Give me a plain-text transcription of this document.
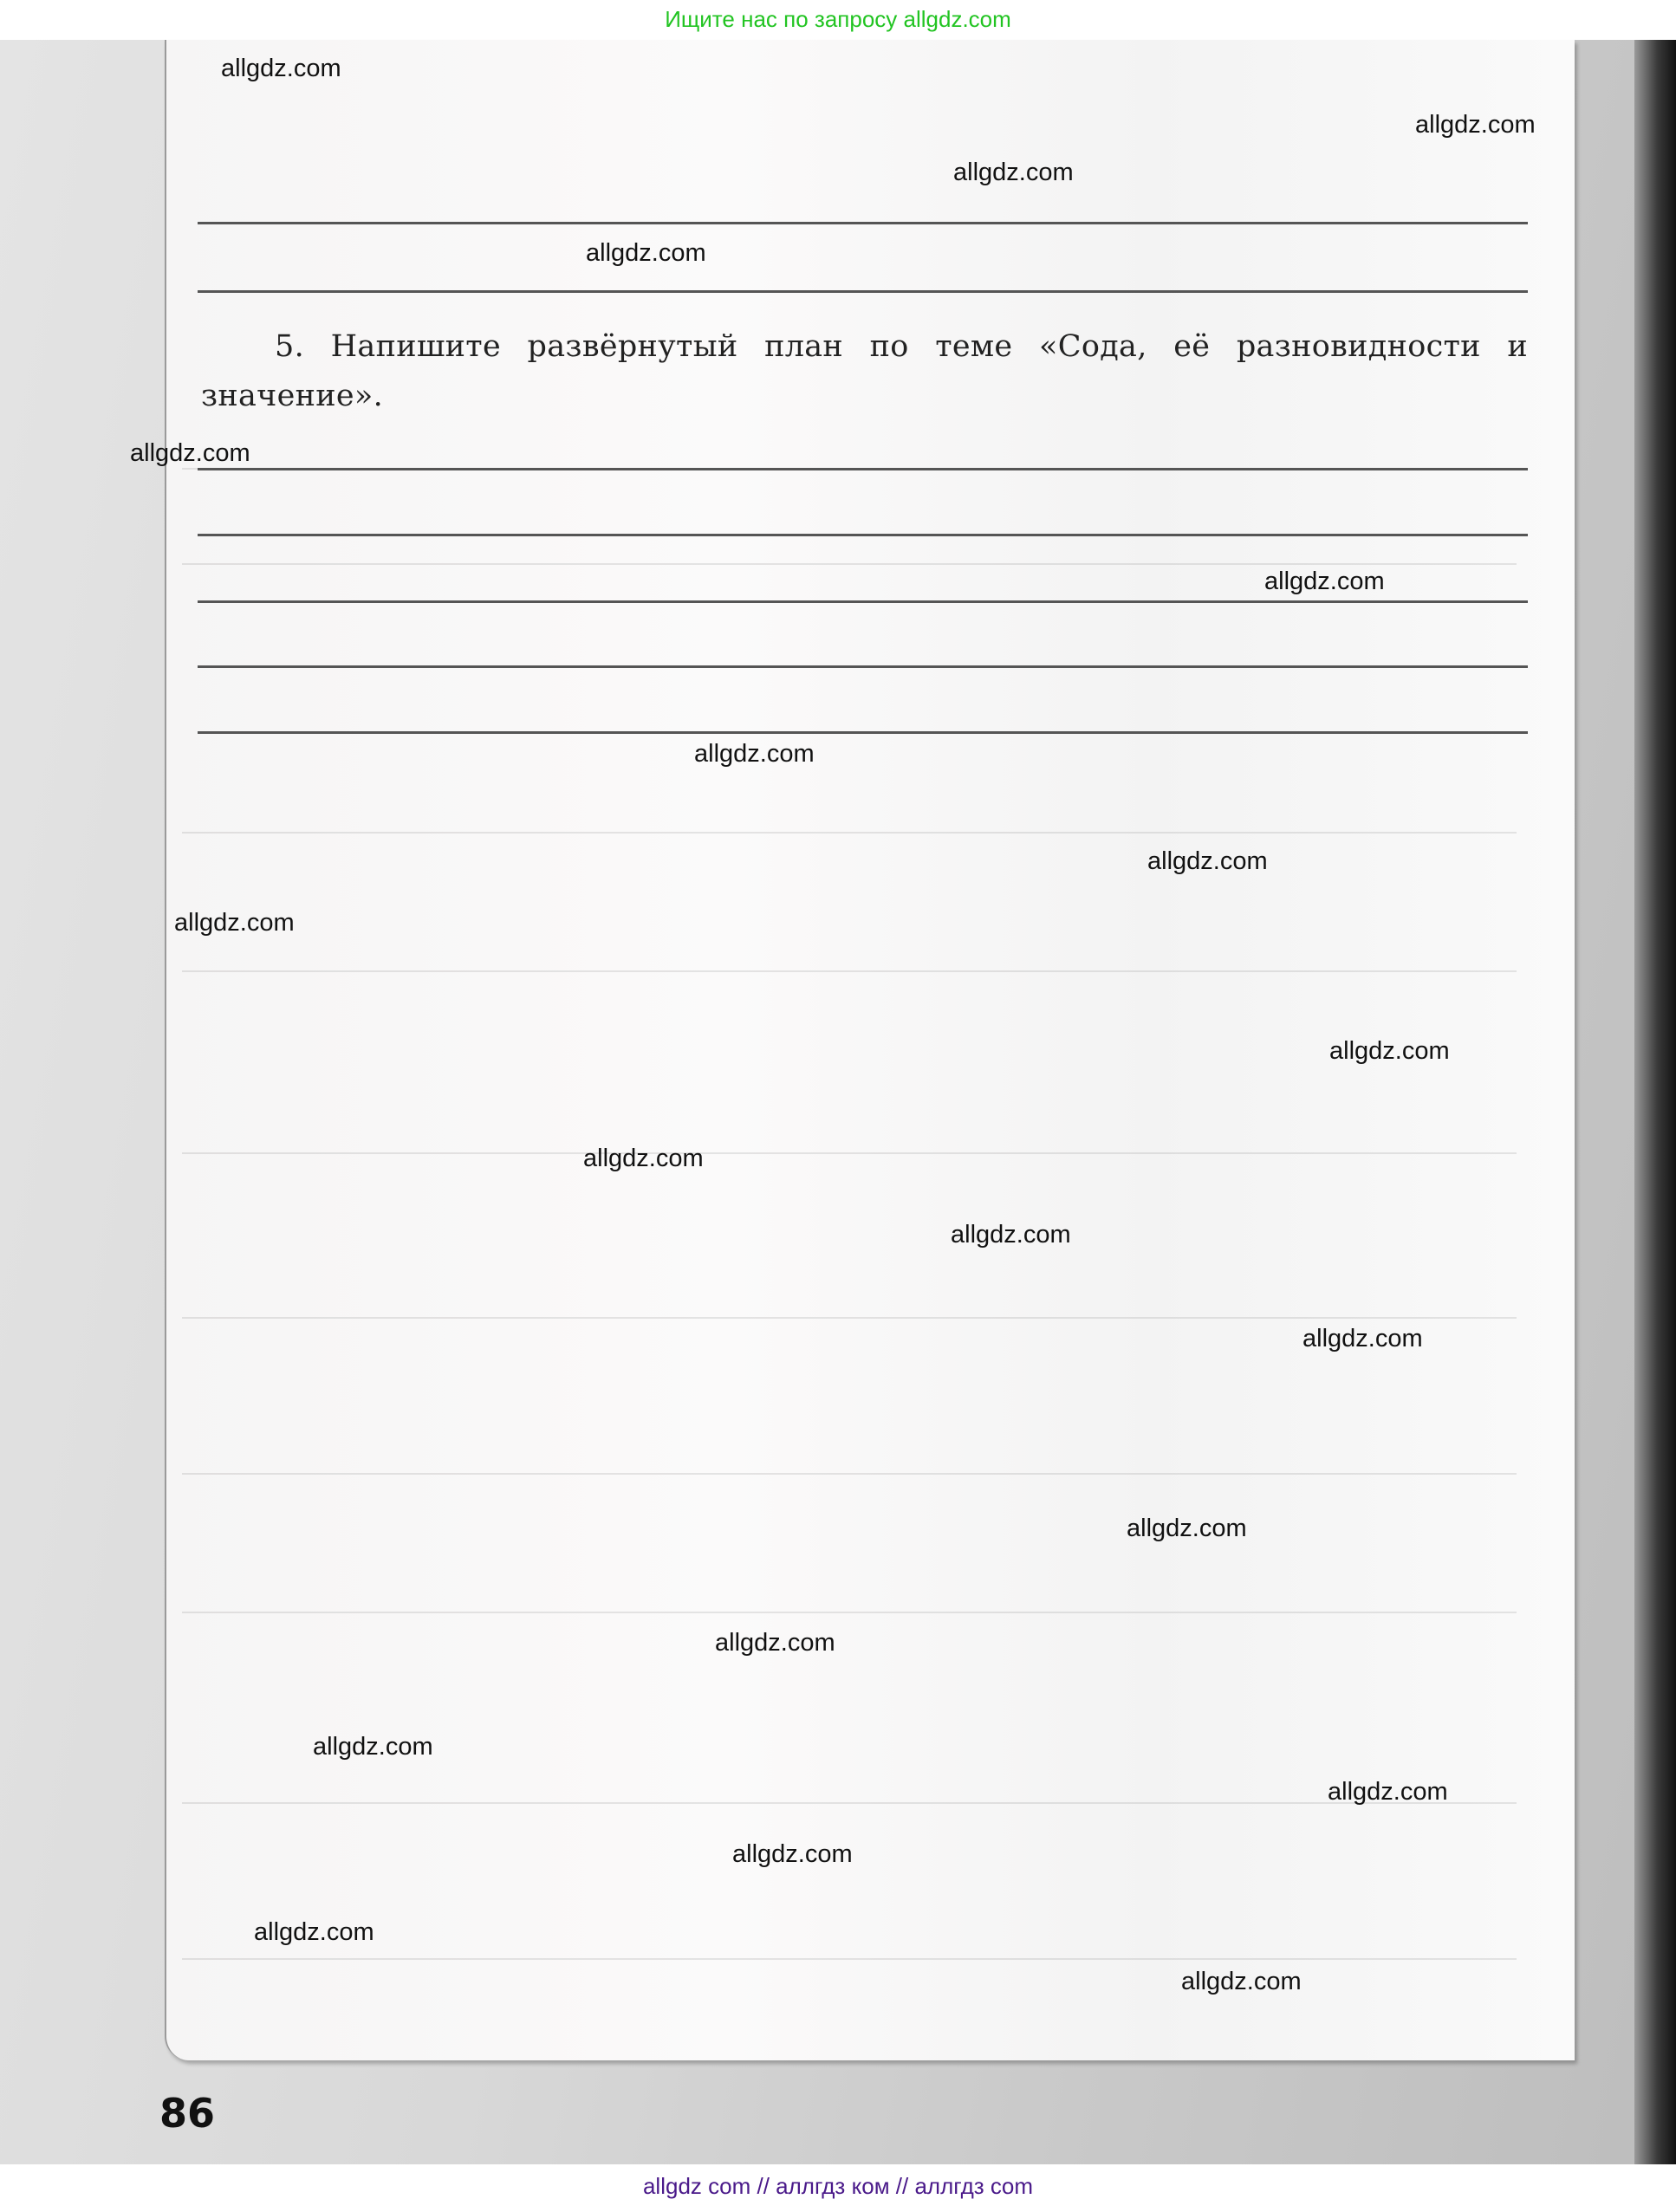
Ищите нас по запросу allgdz.com
5. Напишите развёрнутый план по теме «Сода, её разновидности и значение».
allgdz.com
allgdz.com
allgdz.com
allgdz.com
allgdz.com
allgdz.com
allgdz.com
allgdz.com
allgdz.com
allgdz.com
allgdz.com
allgdz.com
allgdz.com
allgdz.com
allgdz.com
allgdz.com
allgdz.com
allgdz.com
allgdz.com
allgdz.com
86
allgdz com // аллгдз ком // аллгдз com
